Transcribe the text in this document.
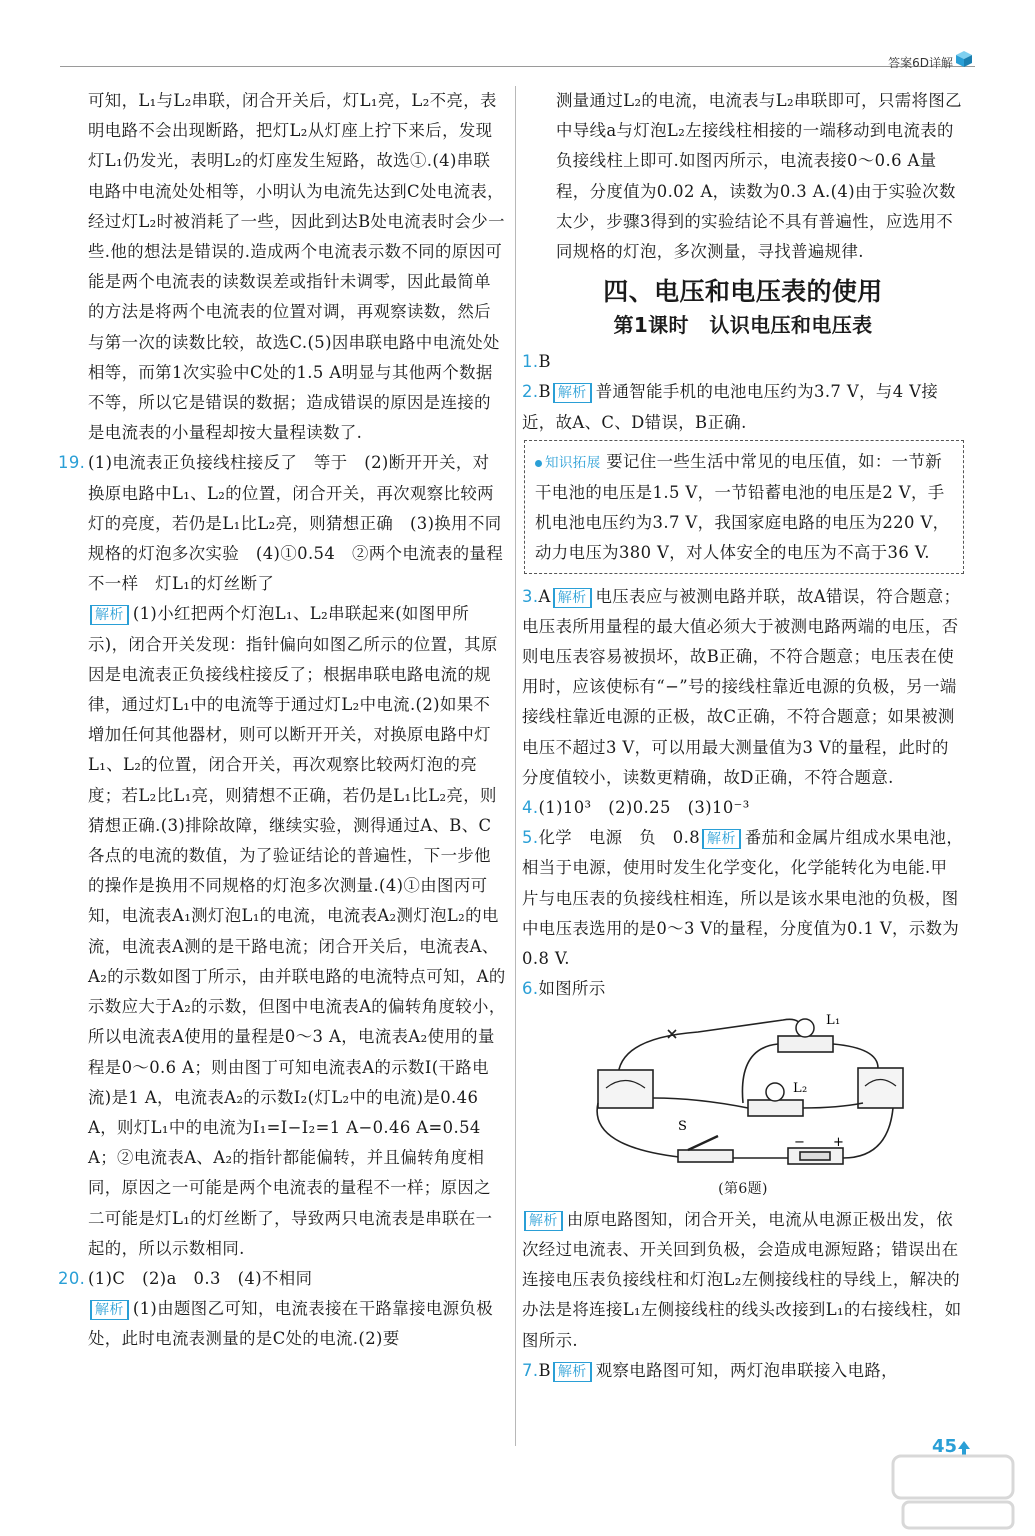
答案6D详解

可知，L₁与L₂串联，闭合开关后，灯L₁亮，L₂不亮，表明电路不会出现断路，把灯L₂从灯座上拧下来后，发现灯L₁仍发光，表明L₂的灯座发生短路，故选①.(4)串联电路中电流处处相等，小明认为电流先达到C处电流表，经过灯L₂时被消耗了一些，因此到达B处电流表时会少一些.他的想法是错误的.造成两个电流表示数不同的原因可能是两个电流表的读数误差或指针未调零，因此最简单的方法是将两个电流表的位置对调，再观察读数，然后与第一次的读数比较，故选C.(5)因串联电路中电流处处相等，而第1次实验中C处的1.5 A明显与其他两个数据不等，所以它是错误的数据；造成错误的原因是连接的是电流表的小量程却按大量程读数了.

19. (1)电流表正负接线柱接反了　等于　(2)断开开关，对换原电路中L₁、L₂的位置，闭合开关，再次观察比较两灯的亮度，若仍是L₁比L₂亮，则猜想正确　(3)换用不同规格的灯泡多次实验　(4)①0.54　②两个电流表的量程不一样　灯L₁的灯丝断了

解析 (1)小红把两个灯泡L₁、L₂串联起来(如图甲所示)，闭合开关发现：指针偏向如图乙所示的位置，其原因是电流表正负接线柱接反了；根据串联电路电流的规律，通过灯L₁中的电流等于通过灯L₂中电流.(2)如果不增加任何其他器材，则可以断开开关，对换原电路中灯L₁、L₂的位置，闭合开关，再次观察比较两灯泡的亮度；若L₂比L₁亮，则猜想不正确，若仍是L₁比L₂亮，则猜想正确.(3)排除故障，继续实验，测得通过A、B、C各点的电流的数值，为了验证结论的普遍性，下一步他的操作是换用不同规格的灯泡多次测量.(4)①由图丙可知，电流表A₁测灯泡L₁的电流，电流表A₂测灯泡L₂的电流，电流表A测的是干路电流；闭合开关后，电流表A、A₂的示数如图丁所示，由并联电路的电流特点可知，A的示数应大于A₂的示数，但图中电流表A的偏转角度较小，所以电流表A使用的量程是0～3 A，电流表A₂使用的量程是0～0.6 A；则由图丁可知电流表A的示数I(干路电流)是1 A，电流表A₂的示数I₂(灯L₂中的电流)是0.46 A，则灯L₁中的电流为I₁=I−I₂=1 A−0.46 A=0.54 A；②电流表A、A₂的指针都能偏转，并且偏转角度相同，原因之一可能是两个电流表的量程不一样；原因之二可能是灯L₁的灯丝断了，导致两只电流表是串联在一起的，所以示数相同.

20. (1)C　(2)a　0.3　(4)不相同

解析 (1)由题图乙可知，电流表接在干路靠接电源负极处，此时电流表测量的是C处的电流.(2)要

测量通过L₂的电流，电流表与L₂串联即可，只需将图乙中导线a与灯泡L₂左接线柱相接的一端移动到电流表的负接线柱上即可.如图丙所示，电流表接0～0.6 A量程，分度值为0.02 A，读数为0.3 A.(4)由于实验次数太少，步骤3得到的实验结论不具有普遍性，应选用不同规格的灯泡，多次测量，寻找普遍规律.

四、电压和电压表的使用
第1课时　认识电压和电压表

1.B

2.B 解析 普通智能手机的电池电压约为3.7 V，与4 V接近，故A、C、D错误，B正确.

知识拓展 要记住一些生活中常见的电压值，如：一节新干电池的电压是1.5 V，一节铅蓄电池的电压是2 V，手机电池电压约为3.7 V，我国家庭电路的电压为220 V，动力电压为380 V，对人体安全的电压为不高于36 V.

3.A 解析 电压表应与被测电路并联，故A错误，符合题意；电压表所用量程的最大值必须大于被测电路两端的电压，否则电压表容易被损坏，故B正确，不符合题意；电压表在使用时，应该使标有“−”号的接线柱靠近电源的负极，另一端接线柱靠近电源的正极，故C正确，不符合题意；如果被测电压不超过3 V，可以用最大测量值为3 V的量程，此时的分度值较小，读数更精确，故D正确，不符合题意.

4.(1)10³　(2)0.25　(3)10⁻³

5.化学　电源　负　0.8 解析 番茄和金属片组成水果电池，相当于电源，使用时发生化学变化，化学能转化为电能.甲片与电压表的负接线柱相连，所以是该水果电池的负极，图中电压表选用的是0～3 V的量程，分度值为0.1 V，示数为0.8 V.

6.如图所示

L₁
L₂
S
+
−
(第6题)

解析 由原电路图知，闭合开关，电流从电源正极出发，依次经过电流表、开关回到负极，会造成电源短路；错误出在连接电压表负接线柱和灯泡L₂左侧接线柱的导线上，解决的办法是将连接L₁左侧接线柱的线头改接到L₁的右接线柱，如图所示.

7.B 解析 观察电路图可知，两灯泡串联接入电路，

45
